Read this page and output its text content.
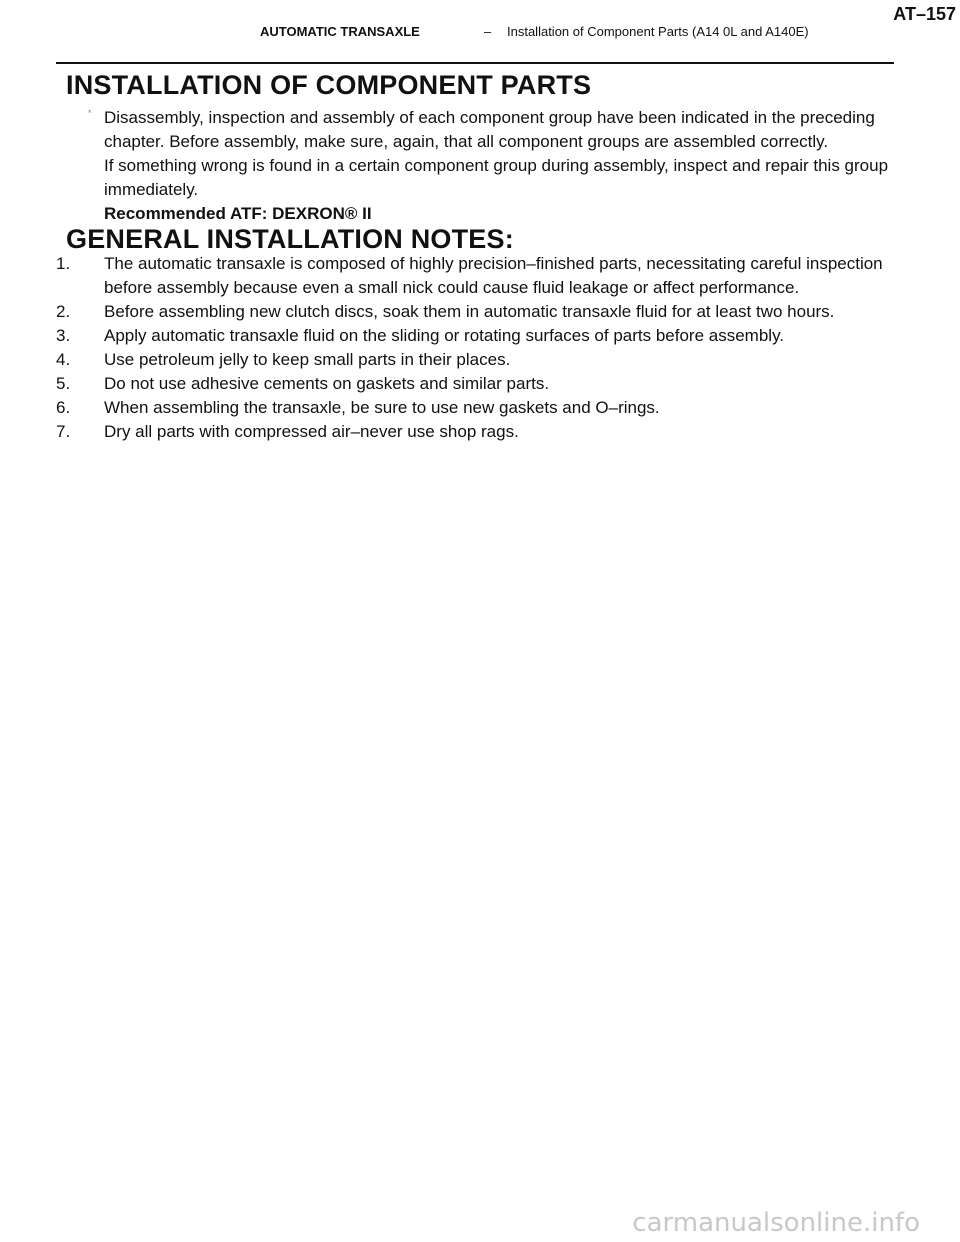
AUTOMATIC TRANSAXLE	– Installation of Component Parts (A14 0L and A140E)
AT–157
INSTALLATION OF COMPONENT PARTS
* Disassembly, inspection and assembly of each component group have been indicated in the preceding chapter. Before assembly, make sure, again, that all component groups are assembled correctly.

If something wrong is found in a certain component group during assembly, inspect and repair this group immediately.

Recommended ATF: DEXRON® II

GENERAL INSTALLATION NOTES:
1. The automatic transaxle is composed of highly precision–finished parts, necessitating careful inspection before assembly because even a small nick could cause fluid leakage or affect performance.
2. Before assembling new clutch discs, soak them in automatic transaxle fluid for at least two hours.
3. Apply automatic transaxle fluid on the sliding or rotating surfaces of parts before assembly.
4. Use petroleum jelly to keep small parts in their places.
5. Do not use adhesive cements on gaskets and similar parts.
6. When assembling the transaxle, be sure to use new gaskets and O–rings.
7. Dry all parts with compressed air–never use shop rags.
carmanualsonline.info
